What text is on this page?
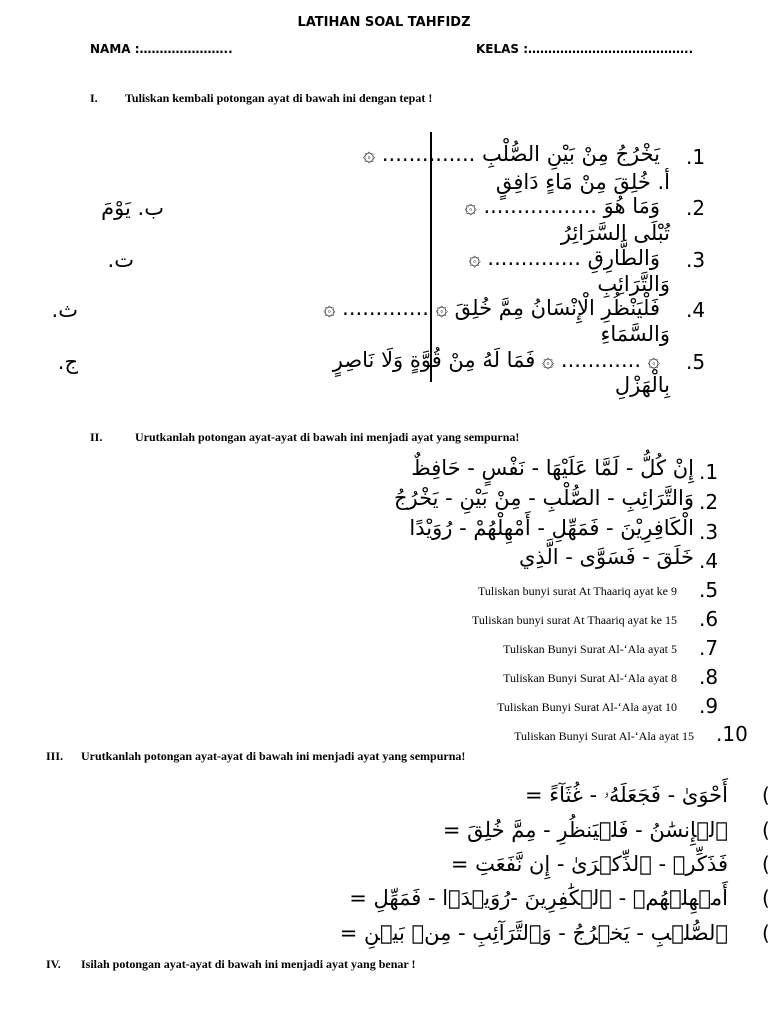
LATIHAN SOAL TAHFIDZ
NAMA :…………………..	KELAS :…………………………………..
I. Tuliskan kembali potongan ayat di bawah ini dengan tepat !
.1
يَخْرُجُ مِنْ بَيْنِ الصُّلْبِ .............. ۞
أ. خُلِقَ مِنْ مَاءٍ دَافِقٍ
.2
وَمَا هُوَ ................. ۞
تُبْلَى السَّرَائِرُ
ب. يَوْمَ
.3
وَالطَّارِقِ .............. ۞
وَالتَّرَائِبِ
ت.
.4
فَلْيَنْظُرِ الْإِنْسَانُ مِمَّ خُلِقَ ۞ ............. ۞
وَالسَّمَاءِ
ث.
.5
۞ ............ ۞ فَمَا لَهُ مِنْ قُوَّةٍ وَلَا نَاصِرٍ
بِالْهَزْلِ
ج.
II.	Urutkanlah potongan ayat-ayat di bawah ini menjadi ayat yang sempurna!
.1
إِنْ كُلُّ - لَمَّا عَلَيْهَا - نَفْسٍ - حَافِظٌ
.2
وَالتَّرَائِبِ - الصُّلْبِ - مِنْ بَيْنِ - يَخْرُجُ
.3
الْكَافِرِيْنَ - فَمَهِّلِ - أَمْهِلْهُمْ - رُوَيْدًا
.4
خَلَقَ - فَسَوَّى - الَّذِي
.5
Tuliskan bunyi surat At Thaariq ayat ke 9
.6
Tuliskan bunyi surat At Thaariq ayat ke 15
.7
Tuliskan Bunyi Surat Al-‘Ala ayat 5
.8
Tuliskan Bunyi Surat Al-‘Ala ayat 8
.9
Tuliskan Bunyi Surat Al-‘Ala ayat 10
.10
Tuliskan Bunyi Surat Al-‘Ala ayat 15
III. Urutkanlah potongan ayat-ayat di bawah ini menjadi ayat yang sempurna!
أَحْوَىٰ - فَجَعَلَهُۥ - غُثَآءً = (
ٱلۡإِنسَٰنُ - فَلۡيَنظُرِ - مِمَّ خُلِقَ = (
فَذَكِّرۡ - ٱلذِّكۡرَىٰ - إِن نَّفَعَتِ = (
أَمۡهِلۡهُمۡ - ٱلۡكَٰفِرِينَ -رُوَيۡدَۢا - فَمَهِّلِ = (
ٱلصُّلۡبِ - يَخۡرُجُ - وَٱلتَّرَآئِبِ - مِنۢ بَيۡنِ = (
IV. Isilah potongan ayat-ayat di bawah ini menjadi ayat yang benar !
